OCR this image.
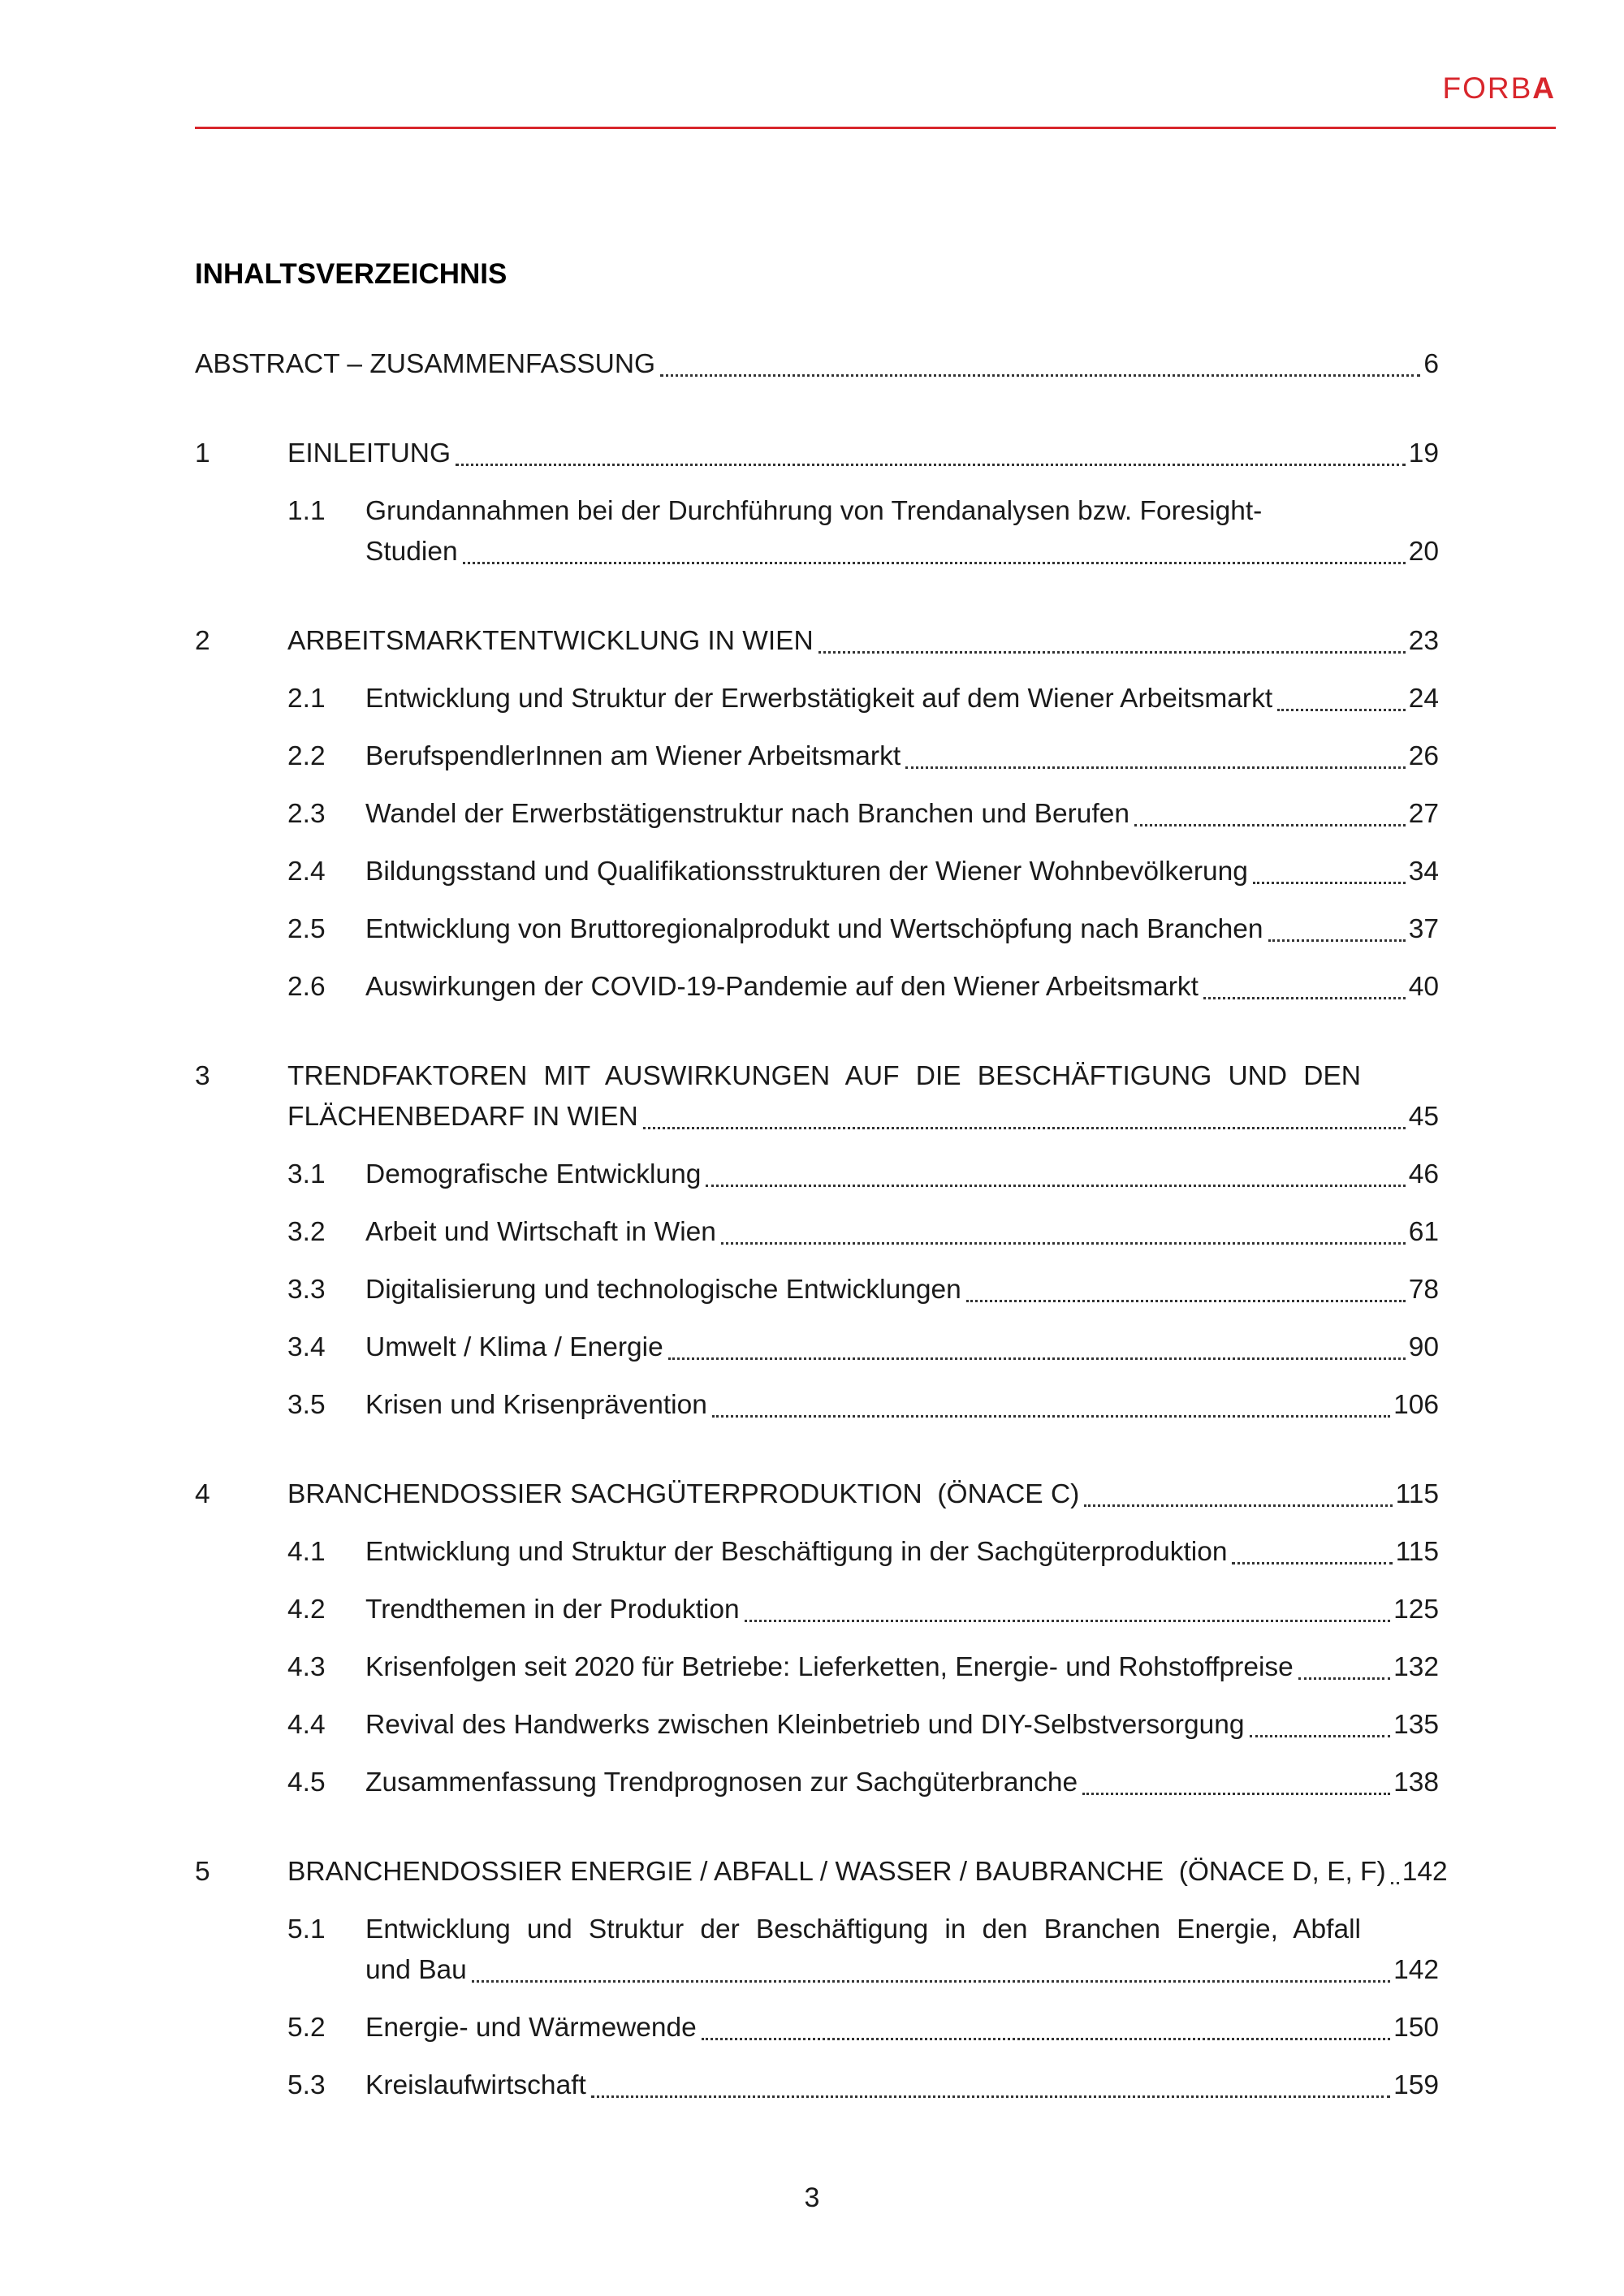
FORBA
INHALTSVERZEICHNIS
ABSTRACT – ZUSAMMENFASSUNG	6
1	EINLEITUNG	19
1.1	Grundannahmen bei der Durchführung von Trendanalysen bzw. Foresight-
Studien	20
2	ARBEITSMARKTENTWICKLUNG IN WIEN	23
2.1	Entwicklung und Struktur der Erwerbstätigkeit auf dem Wiener Arbeitsmarkt	24
2.2	BerufspendlerInnen am Wiener Arbeitsmarkt	26
2.3	Wandel der Erwerbstätigenstruktur nach Branchen und Berufen	27
2.4	Bildungsstand und Qualifikationsstrukturen der Wiener Wohnbevölkerung	34
2.5	Entwicklung von Bruttoregionalprodukt und Wertschöpfung nach Branchen	37
2.6	Auswirkungen der COVID-19-Pandemie auf den Wiener Arbeitsmarkt	40
3	TRENDFAKTOREN MIT AUSWIRKUNGEN AUF DIE BESCHÄFTIGUNG UND DEN
FLÄCHENBEDARF IN WIEN	45
3.1	Demografische Entwicklung	46
3.2	Arbeit und Wirtschaft in Wien	61
3.3	Digitalisierung und technologische Entwicklungen	78
3.4	Umwelt / Klima / Energie	90
3.5	Krisen und Krisenprävention	106
4	BRANCHENDOSSIER SACHGÜTERPRODUKTION  (ÖNACE C)	115
4.1	Entwicklung und Struktur der Beschäftigung in der Sachgüterproduktion	115
4.2	Trendthemen in der Produktion	125
4.3	Krisenfolgen seit 2020 für Betriebe: Lieferketten, Energie- und Rohstoffpreise	132
4.4	Revival des Handwerks zwischen Kleinbetrieb und DIY-Selbstversorgung	135
4.5	Zusammenfassung Trendprognosen zur Sachgüterbranche	138
5	BRANCHENDOSSIER ENERGIE / ABFALL / WASSER / BAUBRANCHE  (ÖNACE D, E, F) 142
5.1	Entwicklung und Struktur der Beschäftigung in den Branchen Energie, Abfall
und Bau	142
5.2	Energie- und Wärmewende	150
5.3	Kreislaufwirtschaft	159
3
